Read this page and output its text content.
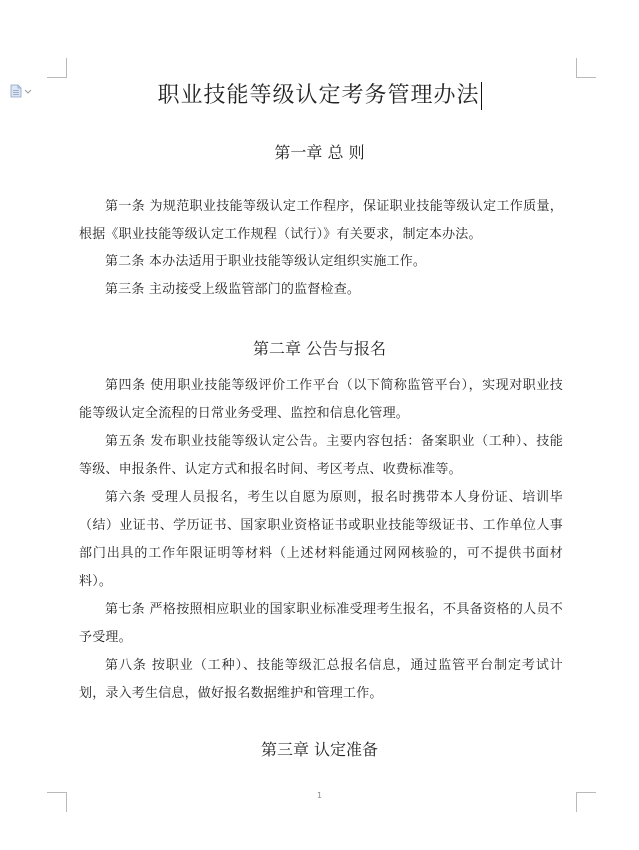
职业技能等级认定考务管理办法
第一章 总 则
第一条 为规范职业技能等级认定工作程序，保证职业技能等级认定工作质量，根据《职业技能等级认定工作规程（试行）》有关要求，制定本办法。
第二条 本办法适用于职业技能等级认定组织实施工作。
第三条 主动接受上级监管部门的监督检查。
第二章 公告与报名
第四条 使用职业技能等级评价工作平台（以下简称监管平台），实现对职业技能等级认定全流程的日常业务受理、监控和信息化管理。
第五条 发布职业技能等级认定公告。主要内容包括：备案职业（工种）、技能等级、申报条件、认定方式和报名时间、考区考点、收费标准等。
第六条 受理人员报名，考生以自愿为原则，报名时携带本人身份证、培训毕（结）业证书、学历证书、国家职业资格证书或职业技能等级证书、工作单位人事部门出具的工作年限证明等材料（上述材料能通过网网核验的，可不提供书面材料）。
第七条 严格按照相应职业的国家职业标准受理考生报名，不具备资格的人员不予受理。
第八条 按职业（工种）、技能等级汇总报名信息，通过监管平台制定考试计划，录入考生信息，做好报名数据维护和管理工作。
第三章 认定准备
1
